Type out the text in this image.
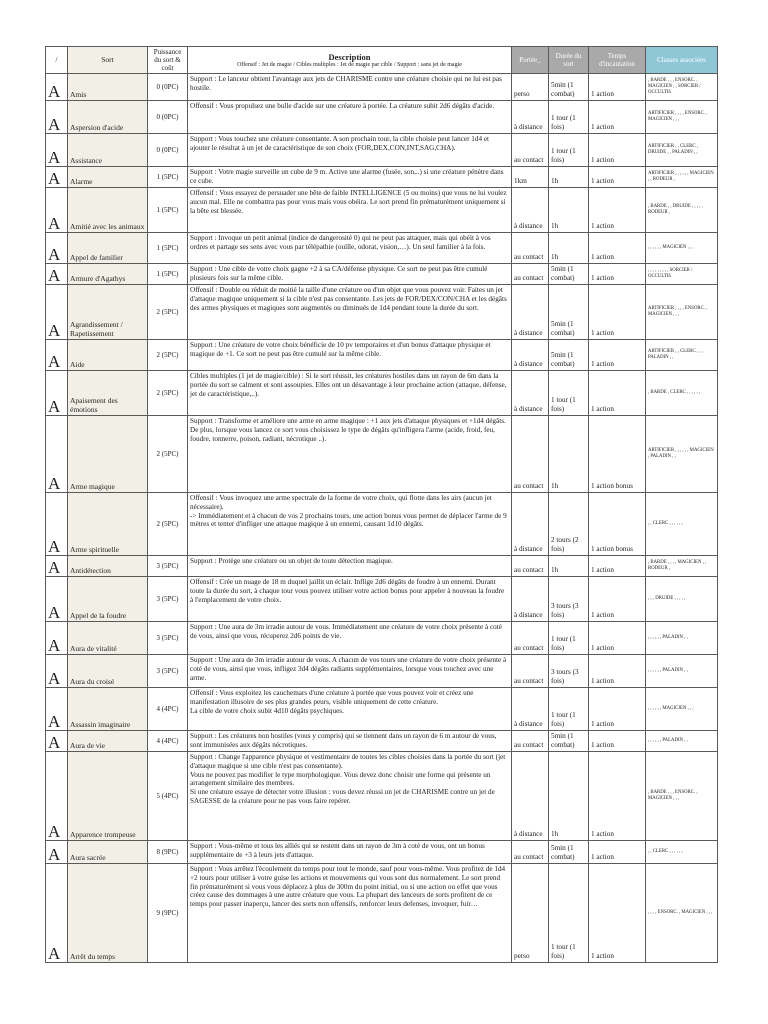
/	Sort	Puissance du sort & coût	Description
Offensif : Jet de magie / Cibles multiples : Jet de magie par cible / Support : sans jet de magie	Portée_	Durée du sort	Temps d'incantation	Classes associées
A	Amis	0 (0PC)	Support : Le lanceur obtient l'avantage aux jets de CHARISME contre une créature choisie qui ne lui est pas hostile.	perso	5min (1 combat)	1 action	, BARDE , , , ENSORC. , MAGICIEN , , SORCIER / OCCULTIS
A	Aspersion d'acide	0 (0PC)	Offensif : Vous propulsez une bulle d'acide sur une créature à portée. La créature subit 2d6 dégâts d'acide.	à distance	1 tour (1 fois)	1 action	ARTIFICIER , , , , ENSORC. , MAGICIEN , , ,
A	Assistance	0 (0PC)	Support : Vous touchez une créature consentante. A son prochain tour, la cible choisie peut lancer 1d4 et ajouter le résultat à un jet de caractéristique de son choix (FOR,DEX,CON,INT,SAG,CHA).	au contact	1 tour (1 fois)	1 action	ARTIFICIER , , CLERC , DRUIDE , , PALADIN , ,
A	Alarme	1 (5PC)	Support : Votre magie surveille un cube de 9 m. Active une alarme (fusée, son,..) si une créature pénètre dans ce cube.	1km	1h	1 action	ARTIFICIER , , , , , , MAGICIEN , , RODEUR ,
A	Amitié avec les animaux	1 (5PC)	Offensif : Vous essayez de persuader une bête de faible INTELLIGENCE (5 ou moins) que vous ne lui voulez aucun mal. Elle ne combattra pas pour vous mais vous obéira. Le sort prend fin prématurément uniquement si la bête est blessée.	à distance	1h	1 action	, BARDE , , DRUIDE , , , , , RODEUR ,
A	Appel de familier	1 (5PC)	Support : Invoque un petit animal (indice de dangerosité 0) qui ne peut pas attaquer, mais qui obéit à vos ordres et partage ses sens avec vous par télépathie (ouïlle, odorat, vision,…). Un seul familier à la fois.	au contact	1h	1 action	, , , , , , MAGICIEN , , ,
A	Armure d'Agathys	1 (5PC)	Support : Une cible de votre choix gagne +2 à sa CA/défense physique. Ce sort ne peut pas être cumulé plusieurs fois sur la même cible.	au contact	5min (1 combat)	1 action	, , , , , , , , , SORCIER / OCCULTIS
A	Agrandissement / Rapetissement	2 (5PC)	Offensif : Double ou réduit de moitié la taille d'une créature ou d'un objet que vous pouvez voir. Faites un jet d'attaque magique uniquement si la cible n'est pas consentante. Les jets de FOR/DEX/CON/CHA et les dégâts des armes physiques et magiques sont augmentés ou diminués de 1d4 pendant toute la durée du sort.	à distance	5min (1 combat)	1 action	ARTIFICIER , , , , ENSORC. , MAGICIEN , , ,
A	Aide	2 (5PC)	Support : Une créature de votre choix bénéficie de 10 pv temporaires et d'un bonus d'attaque physique et magique de +1. Ce sort ne peut pas être cumulé sur la même cible.	à distance	5min (1 combat)	1 action	ARTIFICIER , , CLERC , , , PALADIN , ,
A	Apaisement des émotions	2 (5PC)	Cibles multiples (1 jet de magie/cible) : Si le sort réussit, les créatures hostiles dans un rayon de 6m dans la portée du sort se calment et sont assoupies. Elles ont un désavantage à leur prochaine action (attaque, défense, jet de caractéristique,..).	à distance	1 tour (1 fois)	1 action	, BARDE , CLERC , , , , , ,
A	Arme magique	2 (5PC)	Support : Transforme et améliore une arme en arme magique : +1 aux jets d'attaque physiques et +1d4 dégâts.
De plus, lorsque vous lancez ce sort vous choisissez le type de dégâts qu'infligera l'arme (acide, froid, feu, foudre, tonnerre, poison, radiant, nécrotique ..).	au contact	1h	1 action bonus	ARTIFICIER , , , , , , MAGICIEN , PALADIN , ,
A	Arme spirituelle	2 (5PC)	Offensif : Vous invoquez une arme spectrale de la forme de votre choix, qui flotte dans les airs (aucun jet nécessaire).
-> Immédiatement et à chacun de vos 2 prochains tours, une action bonus vous permet de déplacer l'arme de 9 mètres et tenter d'infliger une attaque magique à un ennemi, causant 1d10 dégâts.	à distance	2 tours (2 fois)	1 action bonus	, , CLERC , , , , , ,
A	Antidétection	3 (5PC)	Support : Protège une créature ou un objet de toute détection magique.	au contact	1h	1 action	, BARDE , , , , MAGICIEN , , RODEUR ,
A	Appel de la foudre	3 (5PC)	Offensif : Crée un nuage de 18 m duquel jaillit un éclair. Inflige 2d6 dégâts de foudre à un ennemi. Durant toute la durée du sort, à chaque tour vous pouvez utiliser votre action bonus pour appeler à nouveau la foudre à l'emplacement de votre choix.	à distance	3 tours (3 fois)	1 action	, , , DRUIDE , , , , ,
A	Aura de vitalité	3 (5PC)	Support : Une aura de 3m irradie autour de vous. Immédiatement une créature de votre choix présente à coté de vous, ainsi que vous, récuperez 2d6 points de vie.	au contact	1 tour (1 fois)	1 action	, , , , , , PALADIN , ,
A	Aura du croisé	3 (5PC)	Support : Une aura de 3m irradie autour de vous. A chacun de vos tours une créature de votre choix présente à coté de vous, ainsi que vous, infligez 3d4 dégâts radiants supplémentaires, lorsque vous touchez avec une arme.	au contact	3 tours (3 fois)	1 action	, , , , , , PALADIN , ,
A	Assassin imaginaire	4 (4PC)	Offensif : Vous exploitez les cauchemars d'une créature à portée que vous pouvez voir et créez une manifestation illusoire de ses plus grandes peurs, visible uniquement de cette créature.
La cible de votre choix subit 4d10 dégâts psychiques.	à distance	1 tour (1 fois)	1 action	, , , , , , MAGICIEN , , ,
A	Aura de vie	4 (4PC)	Support : Les créatures non hostiles (vous y compris) qui se tiennent dans un rayon de 6 m autour de vous, sont immunisées aux dégâts nécrotiques.	au contact	5min (1 combat)	1 action	, , , , , , PALADIN , ,
A	Apparence trompeuse	5 (4PC)	Support : Change l'apparence physique et vestimentaire de toutes les cibles choisies dans la portée du sort (jet d'attaque magique si une cible n'est pas consentante).
Vous ne pouvez pas modifier le type morphologique. Vous devez donc choisir une forme qui présente un arrangement similaire des membres.
Si une créature essaye de détecter votre illusion : vous devez réussi un jet de CHARISME contre un jet de SAGESSE de la créature pour ne pas vous faire repérer.	à distance	1h	1 action	, BARDE , , , ENSORC. , MAGICIEN , , ,
A	Aura sacrée	8 (9PC)	Support : Vous-même et tous les alliés qui se restent dans un rayon de 3m à coté de vous, ont un bonus supplémentaire de +3 à leurs jets d'attaque.	au contact	5min (1 combat)	1 action	, , CLERC , , , , , ,
A	Arrêt du temps	9 (9PC)	Support : Vous arrêtez l'écoulement du temps pour tout le monde, sauf pour vous-même. Vous profitez de 1d4 +2 tours pour utiliser à votre guise les actions et mouvements qui vous sont dus normalement. Le sort prend fin prématurément si vous vous déplacez à plus de 300m du point initial, ou si une action ou effet que vous créez cause des dommages à une autre créature que vous. La phupart des lanceurs de sorts profitent de ce temps pour passer inaperçu, lancer des sorts non offensifs, renforcer leurs defenses, invoquer, fuir…	perso	1 tour (1 fois)	1 action	, , , , ENSORC. , MAGICIEN , , ,
